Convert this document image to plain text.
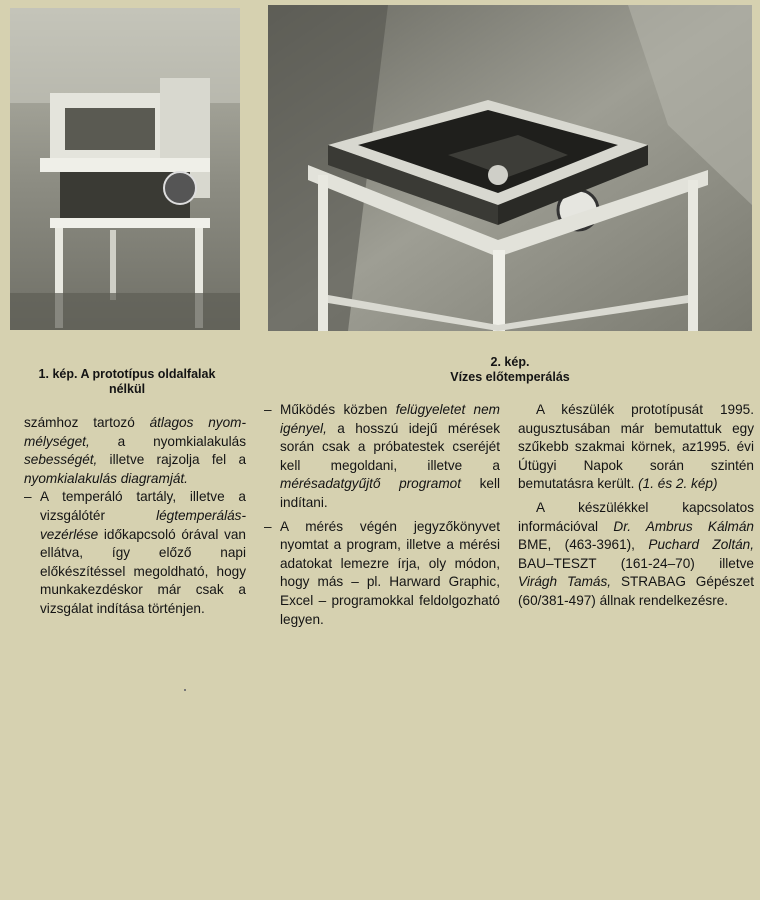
1. kép. A prototípus oldalfalak nélkül
2. kép.
Vízes előtemperálás

számhoz tartozó átlagos nyom-mélységet, a nyomkialakulás sebességét, illetve rajzolja fel a nyomkialakulás diagramját.

– A temperáló tartály, illetve a vizsgálótér légtemperálás-vezérlése időkapcsoló órával van ellátva, így előző napi előkészítéssel megoldható, hogy munkakezdéskor már csak a vizsgálat indítása történjen.

– Működés közben felügyeletet nem igényel, a hosszú idejű mérések során csak a próbatestek cseréjét kell megoldani, illetve a mérésadatgyűjtő programot kell indítani.

– A mérés végén jegyzőkönyvet nyomtat a program, illetve a mérési adatokat lemezre írja, oly módon, hogy más – pl. Harward Graphic, Excel – programokkal feldolgozható legyen.

A készülék prototípusát 1995. augusztusában már bemutattuk egy szűkebb szakmai körnek, az1995. évi Útügyi Napok során szintén bemutatásra került. (1. és 2. kép)

A készülékkel kapcsolatos információval Dr. Ambrus Kálmán BME, (463-3961), Puchard Zoltán, BAU–TESZT (161-24–70) illetve Virágh Tamás, STRABAG Gépészet (60/381-497) állnak rendelkezésre.
